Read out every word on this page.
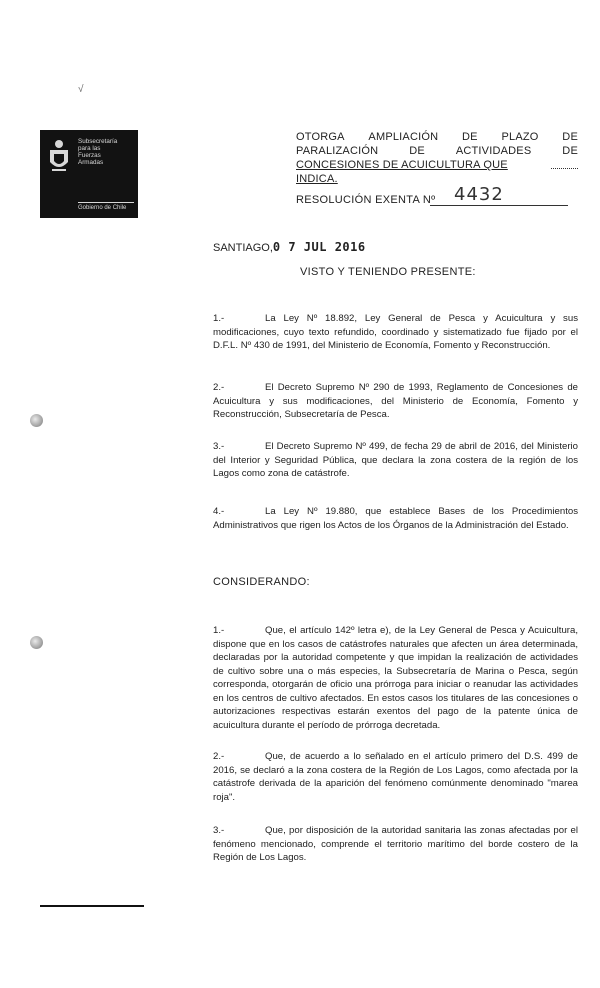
√
Subsecretaría
para las
Fuerzas
Armadas
Gobierno de Chile
OTORGA AMPLIACIÓN DE PLAZO DE
PARALIZACIÓN	DE	ACTIVIDADES	DE
CONCESIONES DE ACUICULTURA QUE INDICA.
RESOLUCIÓN EXENTA Nº	4432
SANTIAGO,0 7 JUL 2016
VISTO Y TENIENDO PRESENTE:
1.-	La Ley Nº 18.892, Ley General de Pesca y Acuicultura y sus modificaciones, cuyo texto refundido, coordinado y sistematizado fue fijado por el D.F.L. Nº 430 de 1991, del Ministerio de Economía, Fomento y Reconstrucción.
2.-	El Decreto Supremo Nº 290 de 1993, Reglamento de Concesiones de Acuicultura y sus modificaciones, del Ministerio de Economía, Fomento y Reconstrucción, Subsecretaría de Pesca.
3.-	El Decreto Supremo Nº 499, de fecha 29 de abril de 2016, del Ministerio del Interior y Seguridad Pública, que declara la zona costera de la región de los Lagos como zona de catástrofe.
4.-	La Ley Nº 19.880, que establece Bases de los Procedimientos Administrativos que rigen los Actos de los Órganos de la Administración del Estado.
CONSIDERANDO:
1.-	Que, el artículo 142º letra e), de la Ley General de Pesca y Acuicultura, dispone que en los casos de catástrofes naturales que afecten un área determinada, declaradas por la autoridad competente y que impidan la realización de actividades de cultivo sobre una o más especies, la Subsecretaría de Marina o Pesca, según corresponda, otorgarán de oficio una prórroga para iniciar o reanudar las actividades en los centros de cultivo afectados. En estos casos los titulares de las concesiones o autorizaciones respectivas estarán exentos del pago de la patente única de acuicultura durante el período de prórroga decretada.
2.-	Que, de acuerdo a lo señalado en el artículo primero del D.S. 499 de 2016, se declaró a la zona costera de la Región de Los Lagos, como afectada por la catástrofe derivada de la aparición del fenómeno comúnmente denominado "marea roja".
3.-	Que, por disposición de la autoridad sanitaria las zonas afectadas por el fenómeno mencionado, comprende el territorio marítimo del borde costero de la Región de Los Lagos.
